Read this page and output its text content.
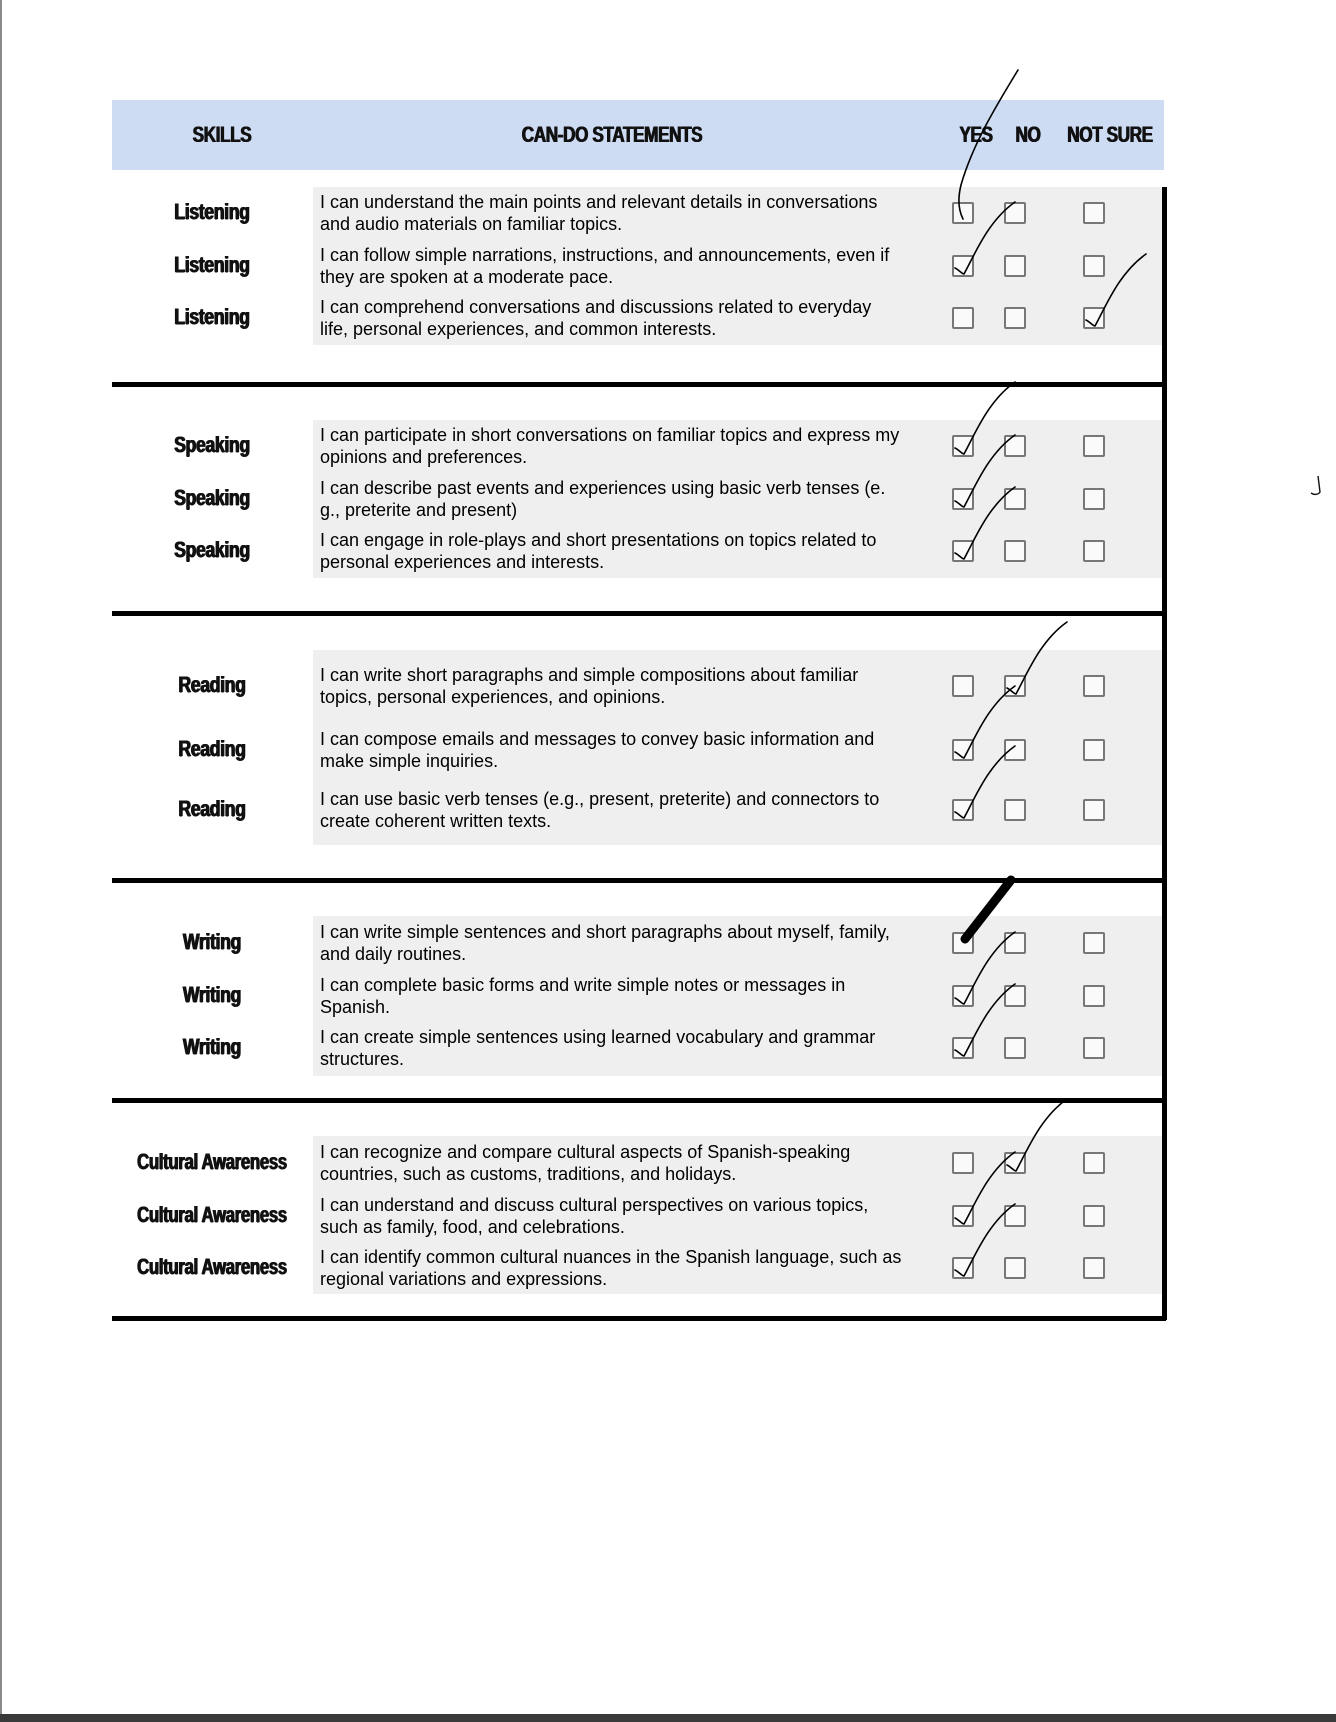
SKILLS	CAN-DO STATEMENTS	YES NO NOT SURE
Listening	I can understand the main points and relevant details in conversations
and audio materials on familiar topics.
Listening	I can follow simple narrations, instructions, and announcements, even if
they are spoken at a moderate pace.
Listening	I can comprehend conversations and discussions related to everyday
life, personal experiences, and common interests.
Speaking	I can participate in short conversations on familiar topics and express my
opinions and preferences.
Speaking	I can describe past events and experiences using basic verb tenses (e.
g., preterite and present)
Speaking	I can engage in role-plays and short presentations on topics related to
personal experiences and interests.
Reading	I can write short paragraphs and simple compositions about familiar
topics, personal experiences, and opinions.
Reading	I can compose emails and messages to convey basic information and
make simple inquiries.
Reading	I can use basic verb tenses (e.g., present, preterite) and connectors to
create coherent written texts.
Writing	I can write simple sentences and short paragraphs about myself, family,
and daily routines.
Writing	I can complete basic forms and write simple notes or messages in
Spanish.
Writing	I can create simple sentences using learned vocabulary and grammar
structures.
Cultural Awareness	I can recognize and compare cultural aspects of Spanish-speaking
countries, such as customs, traditions, and holidays.
Cultural Awareness	I can understand and discuss cultural perspectives on various topics,
such as family, food, and celebrations.
Cultural Awareness	I can identify common cultural nuances in the Spanish language, such as
regional variations and expressions.
